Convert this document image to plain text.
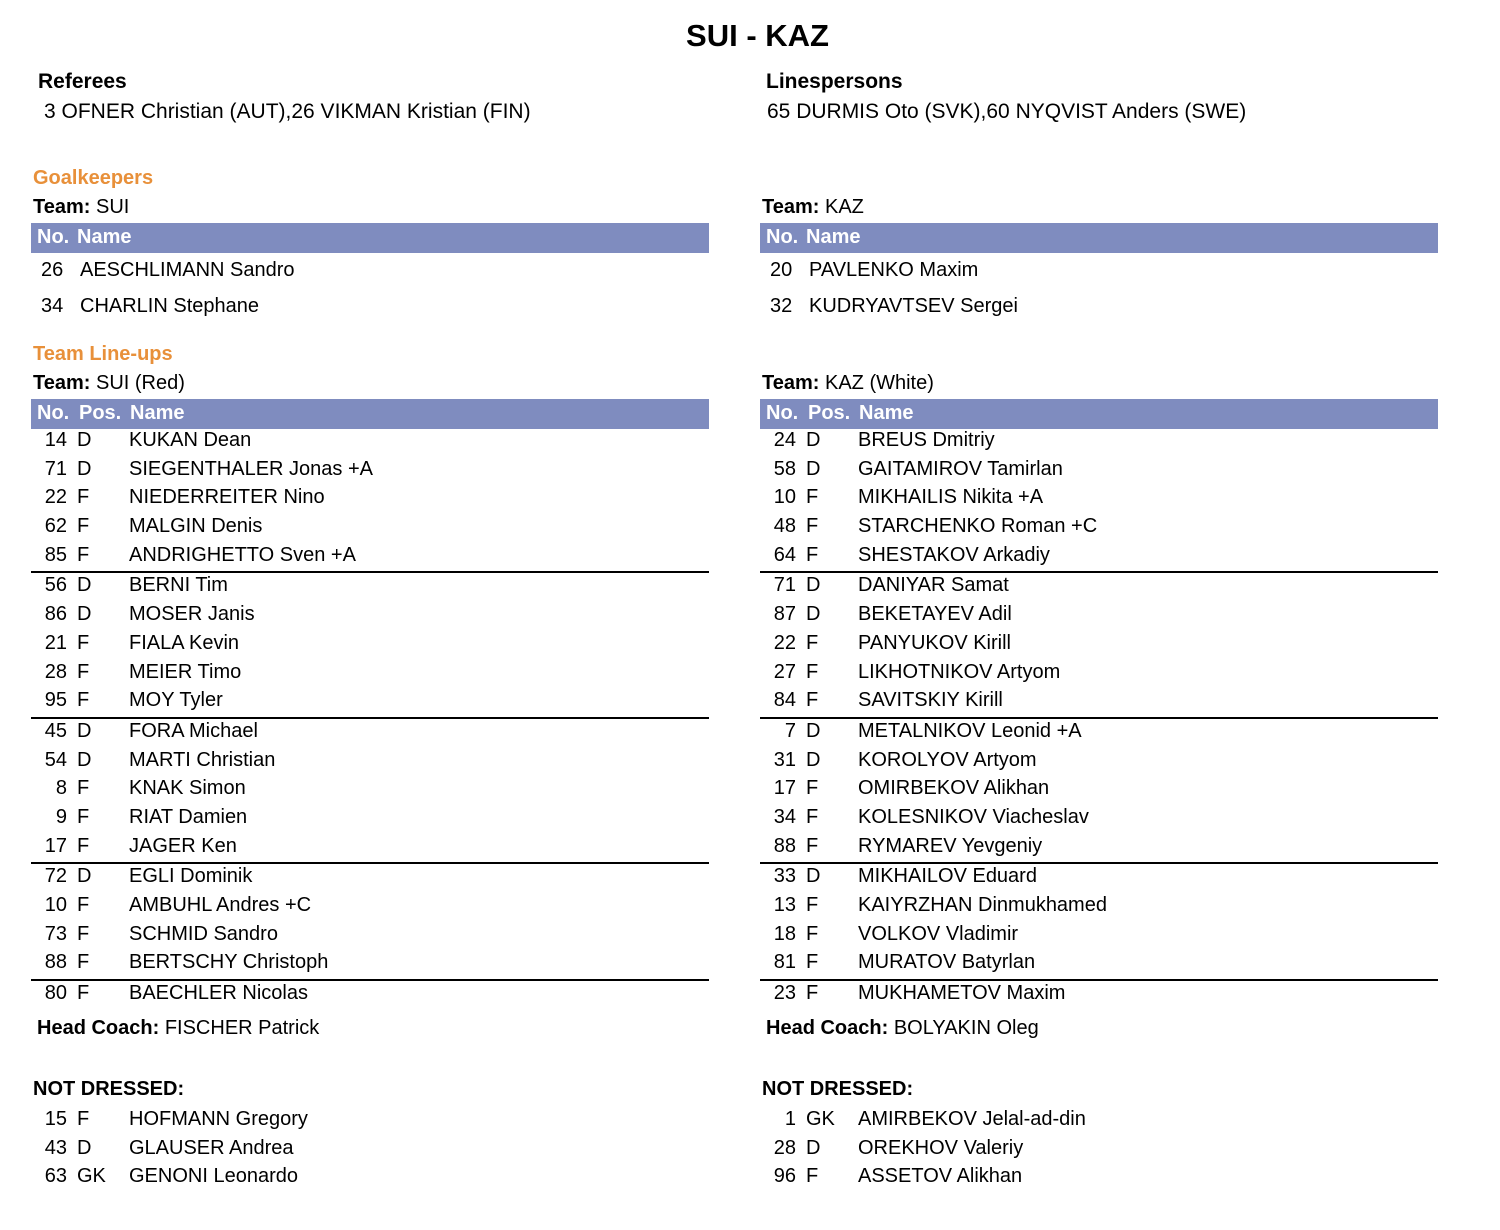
SUI - KAZ
Referees
3 OFNER Christian (AUT),26 VIKMAN Kristian (FIN)
Linespersons
65 DURMIS Oto (SVK),60 NYQVIST Anders (SWE)
Goalkeepers
Team: SUI	Team: KAZ
No. Name	No. Name
26 AESCHLIMANN Sandro
34 CHARLIN Stephane
20 PAVLENKO Maxim
32 KUDRYAVTSEV Sergei
Team Line-ups
Team: SUI (Red)	Team: KAZ (White)
No. Pos. Name	No. Pos. Name
14 D KUKAN Dean
71 D SIEGENTHALER Jonas +A
22 F NIEDERREITER Nino
62 F MALGIN Denis
85 F ANDRIGHETTO Sven +A
56 D BERNI Tim
86 D MOSER Janis
21 F FIALA Kevin
28 F MEIER Timo
95 F MOY Tyler
45 D FORA Michael
54 D MARTI Christian
8 F KNAK Simon
9 F RIAT Damien
17 F JAGER Ken
72 D EGLI Dominik
10 F AMBUHL Andres +C
73 F SCHMID Sandro
88 F BERTSCHY Christoph
80 F BAECHLER Nicolas
24 D BREUS Dmitriy
58 D GAITAMIROV Tamirlan
10 F MIKHAILIS Nikita +A
48 F STARCHENKO Roman +C
64 F SHESTAKOV Arkadiy
71 D DANIYAR Samat
87 D BEKETAYEV Adil
22 F PANYUKOV Kirill
27 F LIKHOTNIKOV Artyom
84 F SAVITSKIY Kirill
7 D METALNIKOV Leonid +A
31 D KOROLYOV Artyom
17 F OMIRBEKOV Alikhan
34 F KOLESNIKOV Viacheslav
88 F RYMAREV Yevgeniy
33 D MIKHAILOV Eduard
13 F KAIYRZHAN Dinmukhamed
18 F VOLKOV Vladimir
81 F MURATOV Batyrlan
23 F MUKHAMETOV Maxim
Head Coach: FISCHER Patrick	Head Coach: BOLYAKIN Oleg
NOT DRESSED:	NOT DRESSED:
15 F HOFMANN Gregory
43 D GLAUSER Andrea
63 GK GENONI Leonardo
1 GK AMIRBEKOV Jelal-ad-din
28 D OREKHOV Valeriy
96 F ASSETOV Alikhan
